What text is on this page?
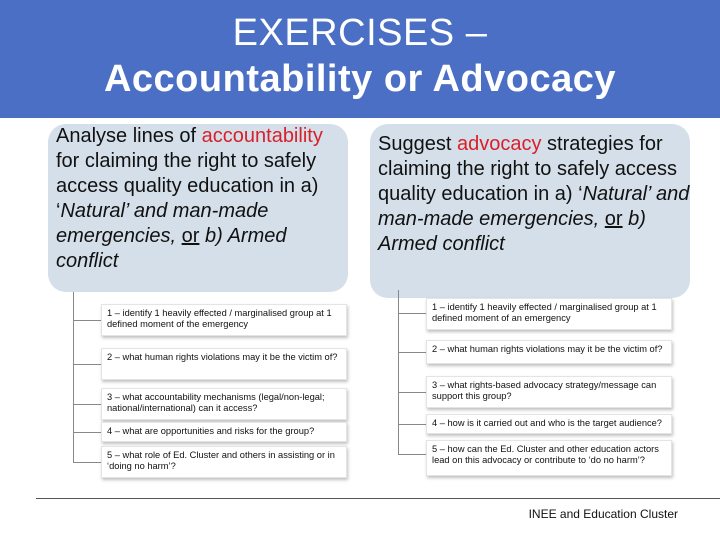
EXERCISES –
Accountability or Advocacy
Analyse lines of accountability for claiming the right to safely access quality education in a) ‘Natural’ and man-made emergencies, or b) Armed conflict
1 – identify 1 heavily effected / marginalised group at 1 defined moment of the emergency
2 – what human rights violations may it be the victim of?
3 – what accountability mechanisms (legal/non-legal; national/international) can it access?
4 – what are opportunities and risks for the group?
5 – what role of Ed. Cluster and others in assisting or in ‘doing no harm’?
Suggest advocacy strategies for claiming the right to safely access quality education in a) ‘Natural’ and man-made emergencies, or b) Armed conflict
1 – identify 1 heavily effected / marginalised group at 1 defined moment of an emergency
2 – what human rights violations may it be the victim of?
3 – what rights-based advocacy strategy/message can support this group?
4 – how is it carried out and who is the target audience?
5 – how can the Ed. Cluster and other education actors lead on this advocacy or contribute to ‘do no harm’?
INEE and Education Cluster
